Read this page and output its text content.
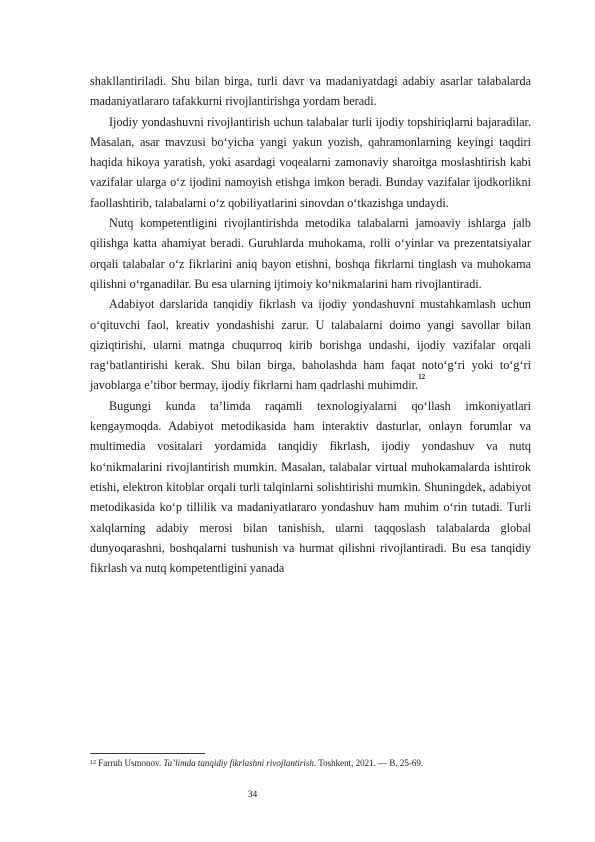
shakllantiriladi. Shu bilan birga, turli davr va madaniyatdagi adabiy asarlar talabalarda madaniyatlararo tafakkurni rivojlantirishga yordam beradi.

Ijodiy yondashuvni rivojlantirish uchun talabalar turli ijodiy topshiriqlarni bajaradilar. Masalan, asar mavzusi bo‘yicha yangi yakun yozish, qahramonlarning keyingi taqdiri haqida hikoya yaratish, yoki asardagi voqealarni zamonaviy sharoitga moslashtirish kabi vazifalar ularga o‘z ijodini namoyish etishga imkon beradi. Bunday vazifalar ijodkorlikni faollashtirib, talabalarni o‘z qobiliyatlarini sinovdan o‘tkazishga undaydi.

Nutq kompetentligini rivojlantirishda metodika talabalarni jamoaviy ishlarga jalb qilishga katta ahamiyat beradi. Guruhlarda muhokama, rolli o‘yinlar va prezentatsiyalar orqali talabalar o‘z fikrlarini aniq bayon etishni, boshqa fikrlarni tinglash va muhokama qilishni o‘rganadilar. Bu esa ularning ijtimoiy ko‘nikmalarini ham rivojlantiradi.

Adabiyot darslarida tanqidiy fikrlash va ijodiy yondashuvni mustahkamlash uchun o‘qituvchi faol, kreativ yondashishi zarur. U talabalarni doimo yangi savollar bilan qiziqtirishi, ularni matnga chuqurroq kirib borishga undashi, ijodiy vazifalar orqali rag‘batlantirishi kerak. Shu bilan birga, baholashda ham faqat noto‘g‘ri yoki to‘g‘ri javoblarga e’tibor bermay, ijodiy fikrlarni ham qadrlashi muhimdir.$^{12}$

Bugungi kunda ta’limda raqamli texnologiyalarni qo‘llash imkoniyatlari kengaymoqda. Adabiyot metodikasida ham interaktiv dasturlar, onlayn forumlar va multimedia vositalari yordamida tanqidiy fikrlash, ijodiy yondashuv va nutq ko‘nikmalarini rivojlantirish mumkin. Masalan, talabalar virtual muhokamalarda ishtirok etishi, elektron kitoblar orqali turli talqinlarni solishtirishi mumkin. Shuningdek, adabiyot metodikasida ko‘p tillilik va madaniyatlararo yondashuv ham muhim o‘rin tutadi. Turli xalqlarning adabiy merosi bilan tanishish, ularni taqqoslash talabalarda global dunyoqarashni, boshqalarni tushunish va hurmat qilishni rivojlantiradi. Bu esa tanqidiy fikrlash va nutq kompetentligini yanada

$^{12}$ Farruh Usmonov. Ta’limda tanqidiy fikrlashni rivojlantirish. Toshkent, 2021. — B. 25-69.
34
